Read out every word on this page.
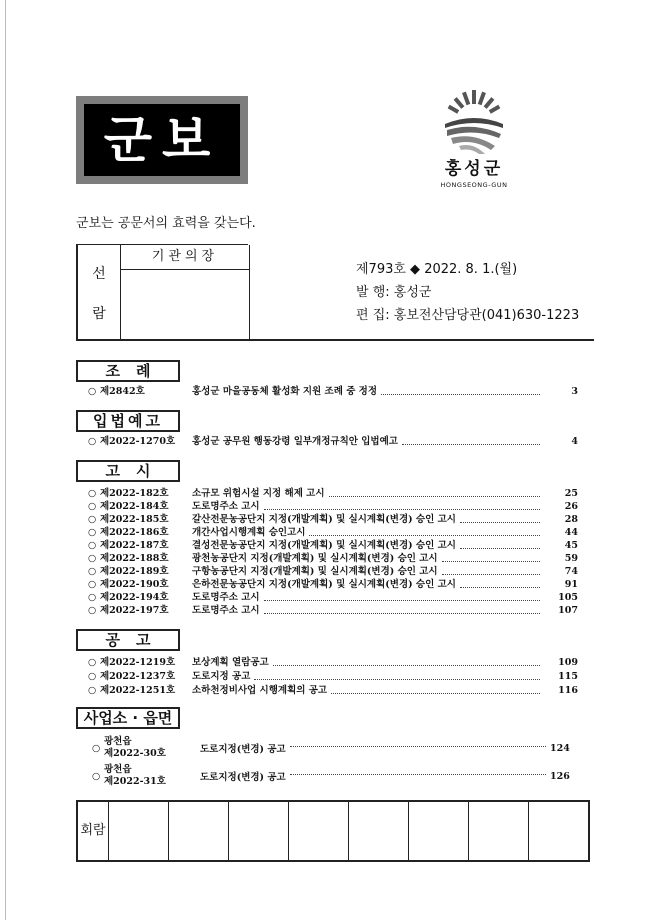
군보	홍성군
HONGSEONG-GUN
군보는 공문서의 효력을 갖는다.
선
람
기관의장
제793호 ◆ 2022. 8. 1.(월)
발 행: 홍성군
편 집: 홍보전산담당관(041)630-1223
조례
○ 제2842호	홍성군 마을공동체 활성화 지원 조례 중 정정	3
입법예고
○ 제2022-1270호	홍성군 공무원 행동강령 일부개정규칙안 입법예고	4
고시
○ 제2022-182호	소규모 위험시설 지정 해제 고시	25
○ 제2022-184호	도로명주소 고시	26
○ 제2022-185호	갈산전문농공단지 지정(개발계획) 및 실시계획(변경) 승인 고시	28
○ 제2022-186호	개간사업시행계획 승인고시	44
○ 제2022-187호	결성전문농공단지 지정(개발계획) 및 실시계획(변경) 승인 고시	45
○ 제2022-188호	광천농공단지 지정(개발계획) 및 실시계획(변경) 승인 고시	59
○ 제2022-189호	구항농공단지 지정(개발계획) 및 실시계획(변경) 승인 고시	74
○ 제2022-190호	은하전문농공단지 지정(개발계획) 및 실시계획(변경) 승인 고시	91
○ 제2022-194호	도로명주소 고시	105
○ 제2022-197호	도로명주소 고시	107
공고
○ 제2022-1219호	보상계획 열람공고	109
○ 제2022-1237호	도로지정 공고	115
○ 제2022-1251호	소하천정비사업 시행계획의 공고	116
사업소 · 읍면
○
광천읍
제2022-30호	도로지정(변경) 공고	124
○
광천읍
제2022-31호	도로지정(변경) 공고	126
회 람
